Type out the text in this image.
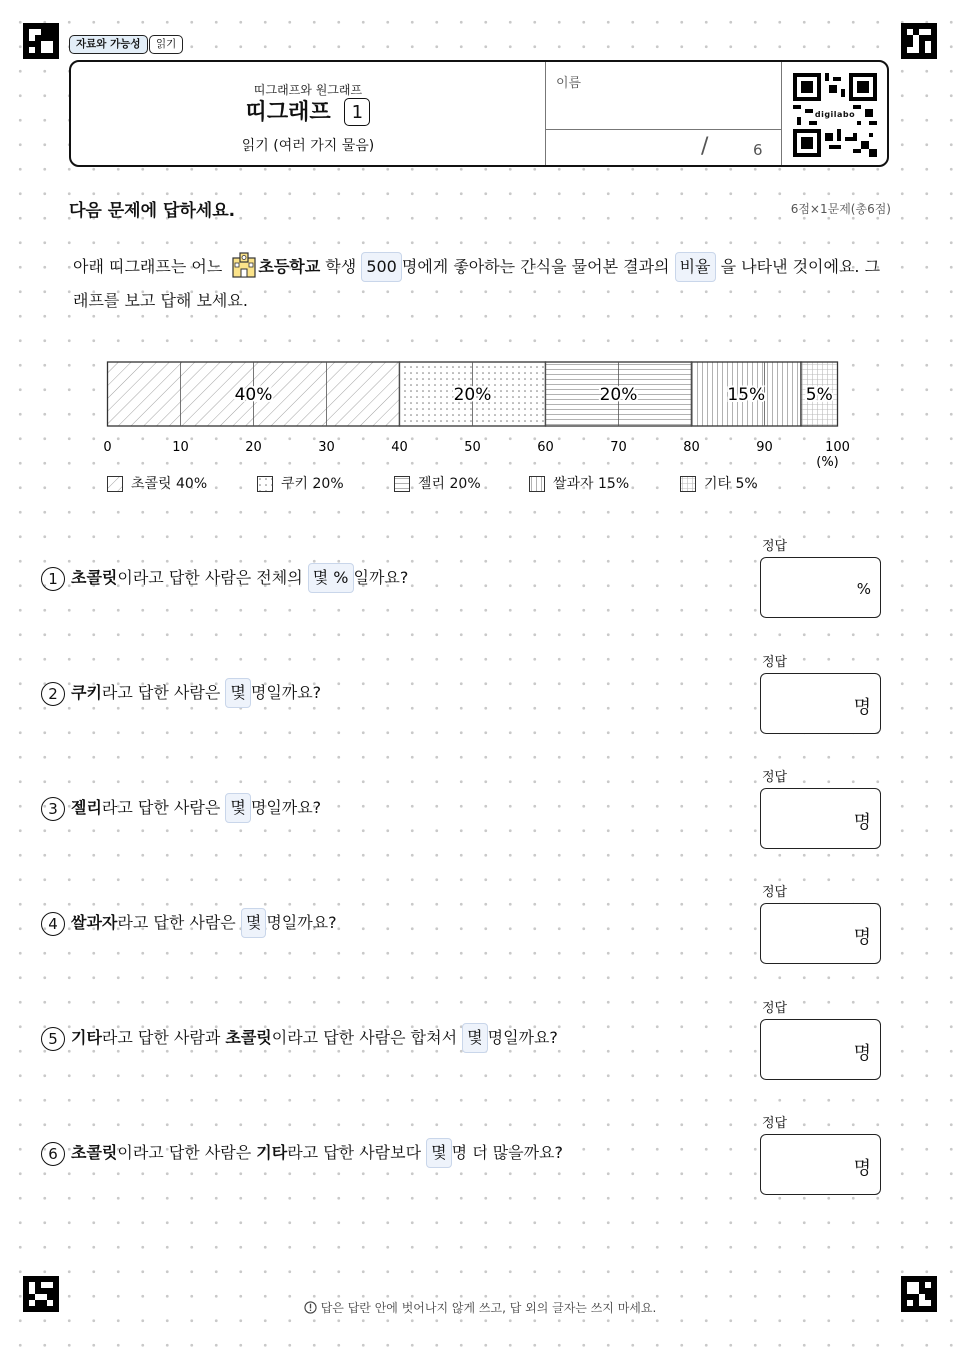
자료와 가능성	읽기
띠그래프와 원그래프
띠그래프 1
읽기 (여러 가지 물음)
이름
/	6
digilabo
다음 문제에 답하세요.	6점×1문제(총6점)
아래 띠그래프는 어느 초등학교 학생 500 명에게 좋아하는 간식을 물어본 결과의 비율 을 나타낸 것이에요. 그
래프를 보고 답해 보세요.
40%	20%	20%	15% 5%
0	10	20	30	40	50	60	70	80	90	100
(%)
초콜릿 40%	쿠키 20%	젤리 20%	쌀과자 15%	기타 5%
1 초콜릿이라고 답한 사람은 전체의 몇 % 일까요?
정답
%
2 쿠키라고 답한 사람은 몇 명일까요?
정답
명
3 젤리라고 답한 사람은 몇 명일까요?
정답
명
4 쌀과자라고 답한 사람은 몇 명일까요?
정답
명
5 기타라고 답한 사람과 초콜릿이라고 답한 사람은 합쳐서 몇 명일까요?
정답
명
6 초콜릿이라고 답한 사람은 기타라고 답한 사람보다 몇 명 더 많을까요?
정답
명
답은 답란 안에 벗어나지 않게 쓰고, 답 외의 글자는 쓰지 마세요.
